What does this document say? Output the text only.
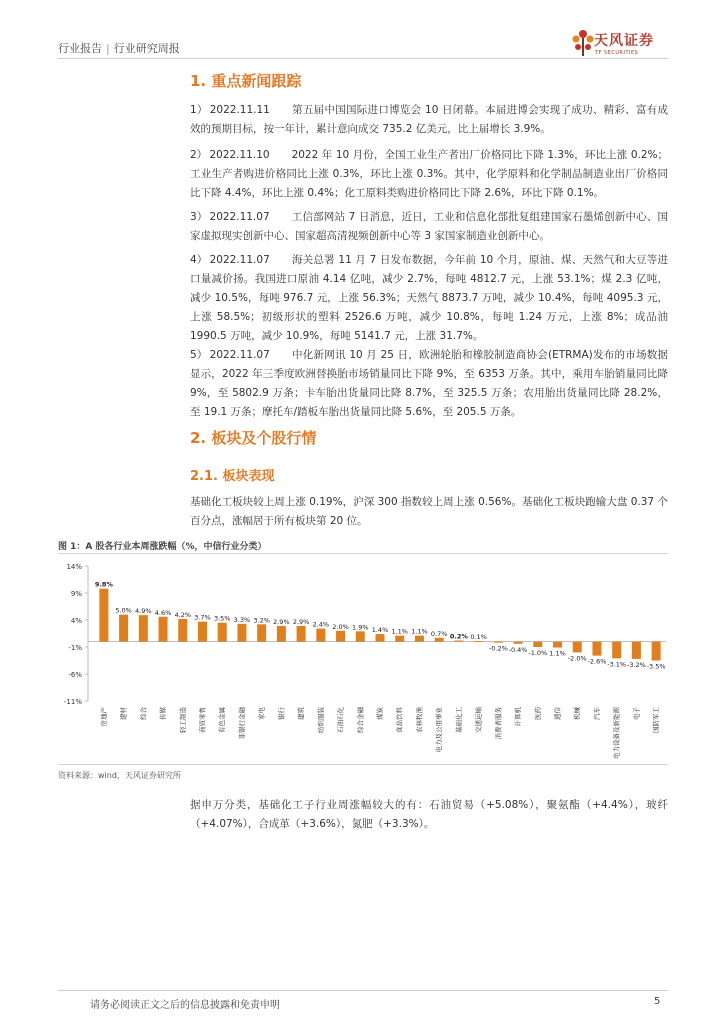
行业报告 | 行业研究周报	天风证券
TF SECURITIES
1. 重点新闻跟踪
1） 2022.11.11 第五届中国国际进口博览会 10 日闭幕。本届进博会实现了成功、精彩、富有成效的预期目标，按一年计，累计意向成交 735.2 亿美元，比上届增长 3.9%。
2） 2022.11.10 2022 年 10 月份，全国工业生产者出厂价格同比下降 1.3%，环比上涨 0.2%；工业生产者购进价格同比上涨 0.3%，环比上涨 0.3%。其中，化学原料和化学制品制造业出厂价格同比下降 4.4%，环比上涨 0.4%；化工原料类购进价格同比下降 2.6%，环比下降 0.1%。
3） 2022.11.07 工信部网站 7 日消息，近日，工业和信息化部批复组建国家石墨烯创新中心、国家虚拟现实创新中心、国家超高清视频创新中心等 3 家国家制造业创新中心。
4） 2022.11.07 海关总署 11 月 7 日发布数据，今年前 10 个月，原油、煤、天然气和大豆等进口量减价扬。我国进口原油 4.14 亿吨，减少 2.7%，每吨 4812.7 元，上涨 53.1%；煤 2.3 亿吨，减少 10.5%，每吨 976.7 元，上涨 56.3%；天然气 8873.7 万吨，减少 10.4%，每吨 4095.3 元，上涨 58.5%；初级形状的塑料 2526.6 万吨，减少 10.8%，每吨 1.24 万元，上涨 8%；成品油 1990.5 万吨，减少 10.9%，每吨 5141.7 元，上涨 31.7%。
5） 2022.11.07 中化新网讯 10 月 25 日，欧洲轮胎和橡胶制造商协会(ETRMA)发布的市场数据显示，2022 年三季度欧洲替换胎市场销量同比下降 9%，至 6353 万条。其中，乘用车胎销量同比降 9%，至 5802.9 万条；卡车胎出货量同比降 8.7%，至 325.5 万条；农用胎出货量同比降 28.2%，至 19.1 万条；摩托车/踏板车胎出货量同比降 5.6%，至 205.5 万条。
2. 板块及个股行情
2.1. 板块表现
基础化工板块较上周上涨 0.19%，沪深 300 指数较上周上涨 0.56%。基础化工板块跑输大盘 0.37 个百分点，涨幅居于所有板块第 20 位。
图 1：A 股各行业本周涨跌幅（%，中信行业分类）
14%
9%
4%
-1%
-6%
-11%
9.8%
房地产
5.0%
建材
4.9%
综合
4.6%
传媒
4.2%
轻工制造
3.7%
商贸零售
3.5%
有色金属
3.3%
非银行金融
3.2%
家电
2.9%
银行
2.9%
建筑
2.4%
纺织服装
2.0%
石油石化
1.9%
综合金融
1.4%
煤炭
1.1%
食品饮料
1.1%
农林牧渔
0.7%
电力及公用事业
0.2%
基础化工
0.1%
交通运输
-0.2%
消费者服务
-0.4%
计算机
-1.0%
医药
1.1%
通信
-2.0%
机械
-2.6%
汽车
-3.1%
电力设备及新能源
-3.2%
电子
-3.5%
国防军工
资料来源：wind，天风证券研究所
据申万分类，基础化工子行业周涨幅较大的有：石油贸易（+5.08%），聚氨酯（+4.4%），玻纤（+4.07%），合成革（+3.6%），氮肥（+3.3%）。
请务必阅读正文之后的信息披露和免责申明	5
